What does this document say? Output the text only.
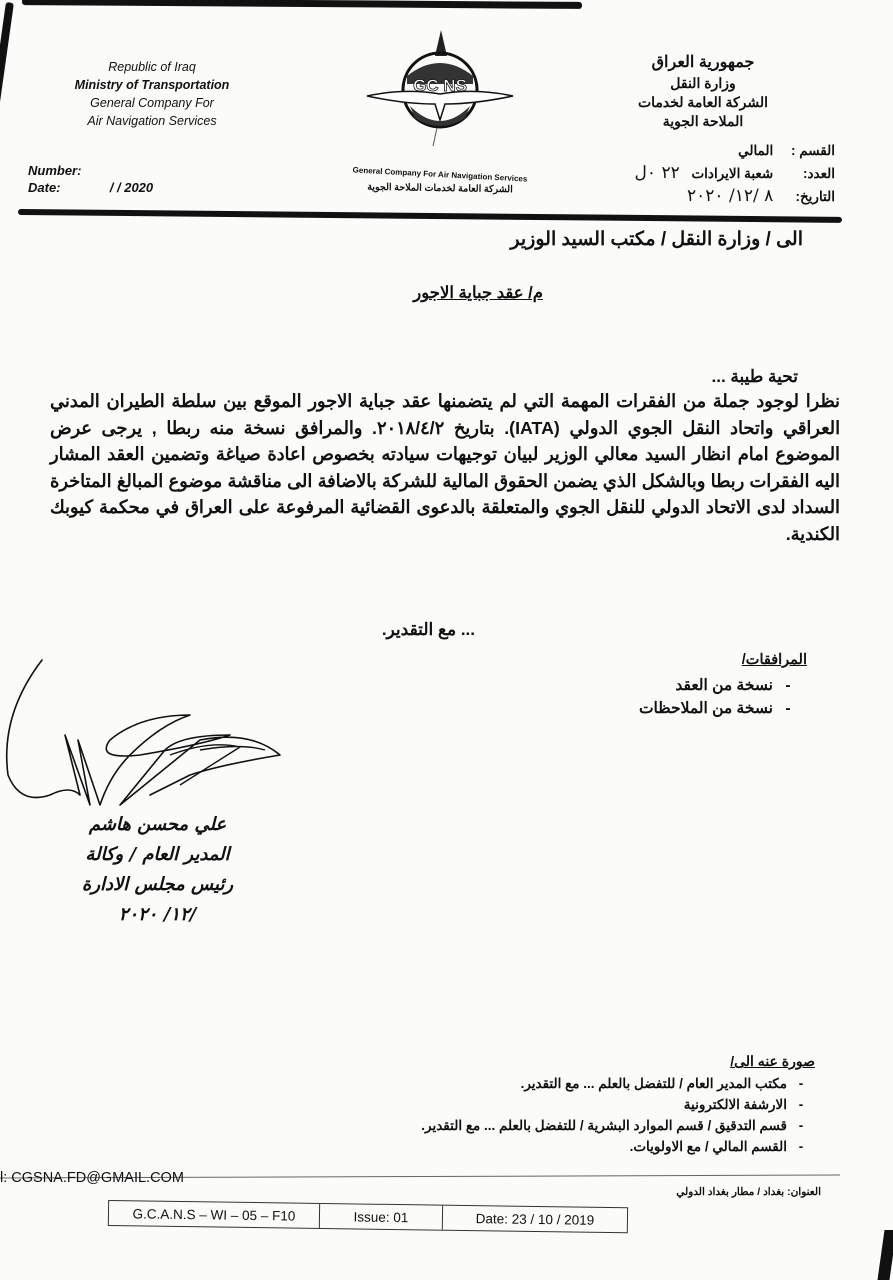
Republic of Iraq
Ministry of Transportation
General Company For
Air Navigation Services
Number:
Date:	/ / 2020
GC NS
General Company For Air Navigation Services
الشركة العامة لخدمات الملاحة الجوية
جمهورية العراق
وزارة النقل
الشركة العامة لخدمات
الملاحة الجوية
القسم : المالي
العدد: شعبة الايرادات ٢٢ ٠ل
التاريخ: ٨ /١٢/ ٢٠٢٠
الى / وزارة النقل / مكتب السيد الوزير
م/ عقد جباية الاجور
تحية طيبة ...
نظرا لوجود جملة من الفقرات المهمة التي لم يتضمنها عقد جباية الاجور الموقع بين سلطة الطيران المدني العراقي واتحاد النقل الجوي الدولي (IATA). بتاريخ ٢٠١٨/٤/٢. والمرافق نسخة منه ربطا , يرجى عرض الموضوع امام انظار السيد معالي الوزير لبيان توجيهات سيادته بخصوص اعادة صياغة وتضمين العقد المشار اليه الفقرات ربطا وبالشكل الذي يضمن الحقوق المالية للشركة بالاضافة الى مناقشة موضوع المبالغ المتاخرة السداد لدى الاتحاد الدولي للنقل الجوي والمتعلقة بالدعوى القضائية المرفوعة على العراق في محكمة كيوبك الكندية.
... مع التقدير.
المرافقات/
- نسخة من العقد
- نسخة من الملاحظات
علي محسن هاشم
المدير العام / وكالة
رئيس مجلس الادارة
/١٢/ ٢٠٢٠
صورة عنه الى/
- مكتب المدير العام / للتفضل بالعلم ... مع التقدير.
- الارشفة الالكترونية
- قسم التدقيق / قسم الموارد البشرية / للتفضل بالعلم ... مع التقدير.
- القسم المالي / مع الاولويات.
l: CGSNA.FD@GMAIL.COM
العنوان: بغداد / مطار بغداد الدولي
G.C.A.N.S – WI – 05 – F10	Issue: 01	Date: 23 / 10 / 2019
